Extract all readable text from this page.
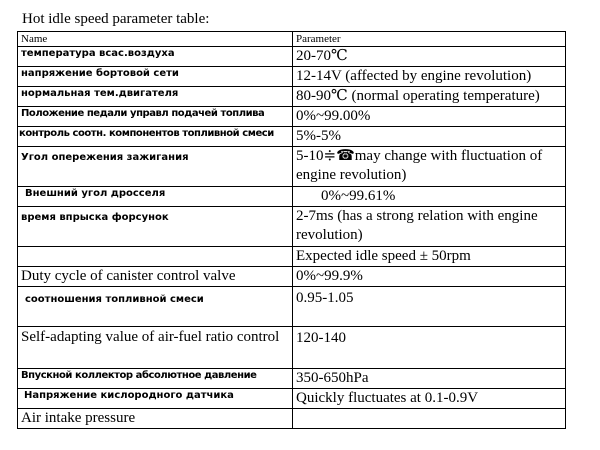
Hot idle speed parameter table:
Name	Parameter
температура всас.воздуха	20-70℃
напряжение бортовой сети	12-14V (affected by engine revolution)
нормальная тем.двигателя	80-90℃ (normal operating temperature)
Положение педали управл подачей топлива	0%~99.00%
контроль соотн. компонентов топливной смеси	5%-5%
Угол опережения зажигания	5-10≑☎may change with fluctuation of engine revolution)
Внешний угол дросселя	0%~99.61%
время впрыска форсунок	2-7ms (has a strong relation with engine revolution)
	Expected idle speed ± 50rpm
Duty cycle of canister control valve	0%~99.9%
соотношения топливной смеси	0.95-1.05
Self-adapting value of air-fuel ratio control	120-140
Впускной коллектор абсолютное давление	350-650hPa
Напряжение кислородного датчика	Quickly fluctuates at 0.1-0.9V
Air intake pressure	
